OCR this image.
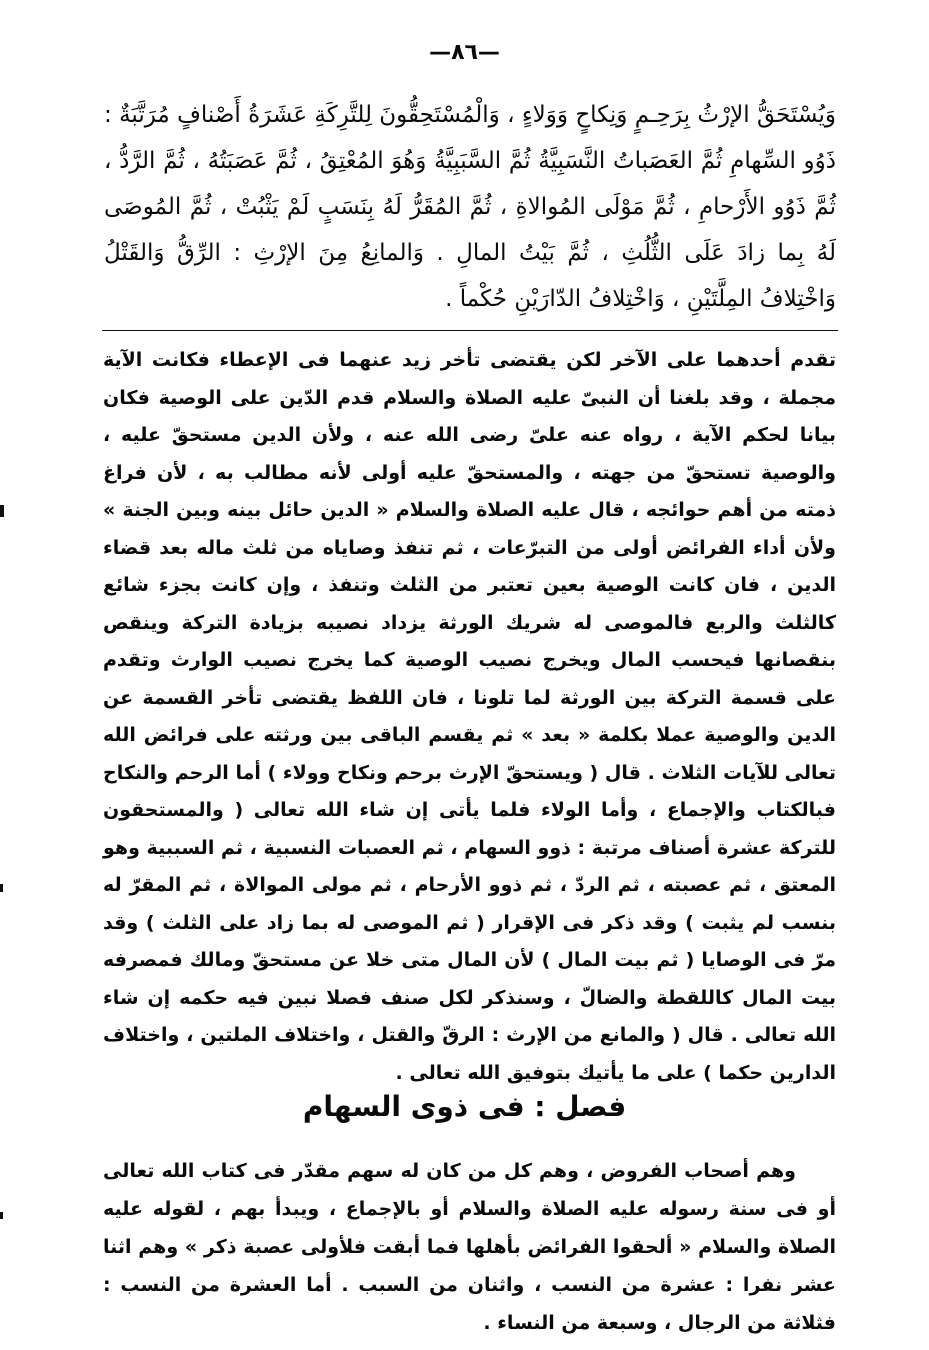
—٨٦—

وَيُسْتَحَقُّ الإرْثُ بِرَحِـمٍ وَنِكاحٍ وَوَلاءٍ ، وَالْمُسْتَحِقُّونَ لِلتَّرِكَةِ عَشَرَةُ أَصْنافٍ مُرَتَّبَةٌ : ذَوُو السِّهامِ ثُمَّ العَصَباتُ النَّسَبِيَّةُ ثُمَّ السَّبَبِيَّةُ وَهُوَ المُعْتِقُ ، ثُمَّ عَصَبَتُهُ ، ثُمَّ الرَّدُّ ، ثُمَّ ذَوُو الأَرْحامِ ، ثُمَّ مَوْلَى المُوالاةِ ، ثُمَّ المُقَرُّ لَهُ بِنَسَبٍ لَمْ يَثْبُتْ ، ثُمَّ المُوصَى لَهُ بِما زادَ عَلَى الثُّلُثِ ، ثُمَّ بَيْتُ المالِ . وَالمانِعُ مِنَ الإرْثِ : الرِّقُّ وَالقَتْلُ وَاخْتِلافُ المِلَّتَيْنِ ، وَاخْتِلافُ الدّارَيْنِ حُكْماً .

تقدم أحدهما على الآخر لكن يقتضى تأخر زيد عنهما فى الإعطاء فكانت الآية مجملة ، وقد بلغنا أن النبىّ عليه الصلاة والسلام قدم الدّين على الوصية فكان بيانا لحكم الآية ، رواه عنه علىّ رضى الله عنه ، ولأن الدين مستحقّ عليه ، والوصية تستحقّ من جهته ، والمستحقّ عليه أولى لأنه مطالب به ، لأن فراغ ذمته من أهم حوائجه ، قال عليه الصلاة والسلام « الدين حائل بينه وبين الجنة » ولأن أداء الفرائض أولى من التبرّعات ، ثم تنفذ وصاياه من ثلث ماله بعد قضاء الدين ، فان كانت الوصية بعين تعتبر من الثلث وتنفذ ، وإن كانت بجزء شائع كالثلث والربع فالموصى له شريك الورثة يزداد نصيبه بزيادة التركة وينقص بنقصانها فيحسب المال ويخرج نصيب الوصية كما يخرج نصيب الوارث وتقدم على قسمة التركة بين الورثة لما تلونا ، فان اللفظ يقتضى تأخر القسمة عن الدين والوصية عملا بكلمة « بعد » ثم يقسم الباقى بين ورثته على فرائض الله تعالى للآيات الثلاث . قال ( ويستحقّ الإرث برحم ونكاح وولاء ) أما الرحم والنكاح فبالكتاب والإجماع ، وأما الولاء فلما يأتى إن شاء الله تعالى ( والمستحقون للتركة عشرة أصناف مرتبة : ذوو السهام ، ثم العصبات النسبية ، ثم السببية وهو المعتق ، ثم عصبته ، ثم الردّ ، ثم ذوو الأرحام ، ثم مولى الموالاة ، ثم المقرّ له بنسب لم يثبت ) وقد ذكر فى الإقرار ( ثم الموصى له بما زاد على الثلث ) وقد مرّ فى الوصايا ( ثم بيت المال ) لأن المال متى خلا عن مستحقّ ومالك فمصرفه بيت المال كاللقطة والضالّ ، وسنذكر لكل صنف فصلا نبين فيه حكمه إن شاء الله تعالى . قال ( والمانع من الإرث : الرقّ والقتل ، واختلاف الملتين ، واختلاف الدارين حكما ) على ما يأتيك بتوفيق الله تعالى .

فصل : فى ذوى السهام

وهم أصحاب الفروض ، وهم كل من كان له سهم مقدّر فى كتاب الله تعالى أو فى سنة رسوله عليه الصلاة والسلام أو بالإجماع ، ويبدأ بهم ، لقوله عليه الصلاة والسلام « ألحقوا الفرائض بأهلها فما أبقت فلأولى عصبة ذكر » وهم اثنا عشر نفرا : عشرة من النسب ، واثنان من السبب . أما العشرة من النسب : فثلاثة من الرجال ، وسبعة من النساء .
